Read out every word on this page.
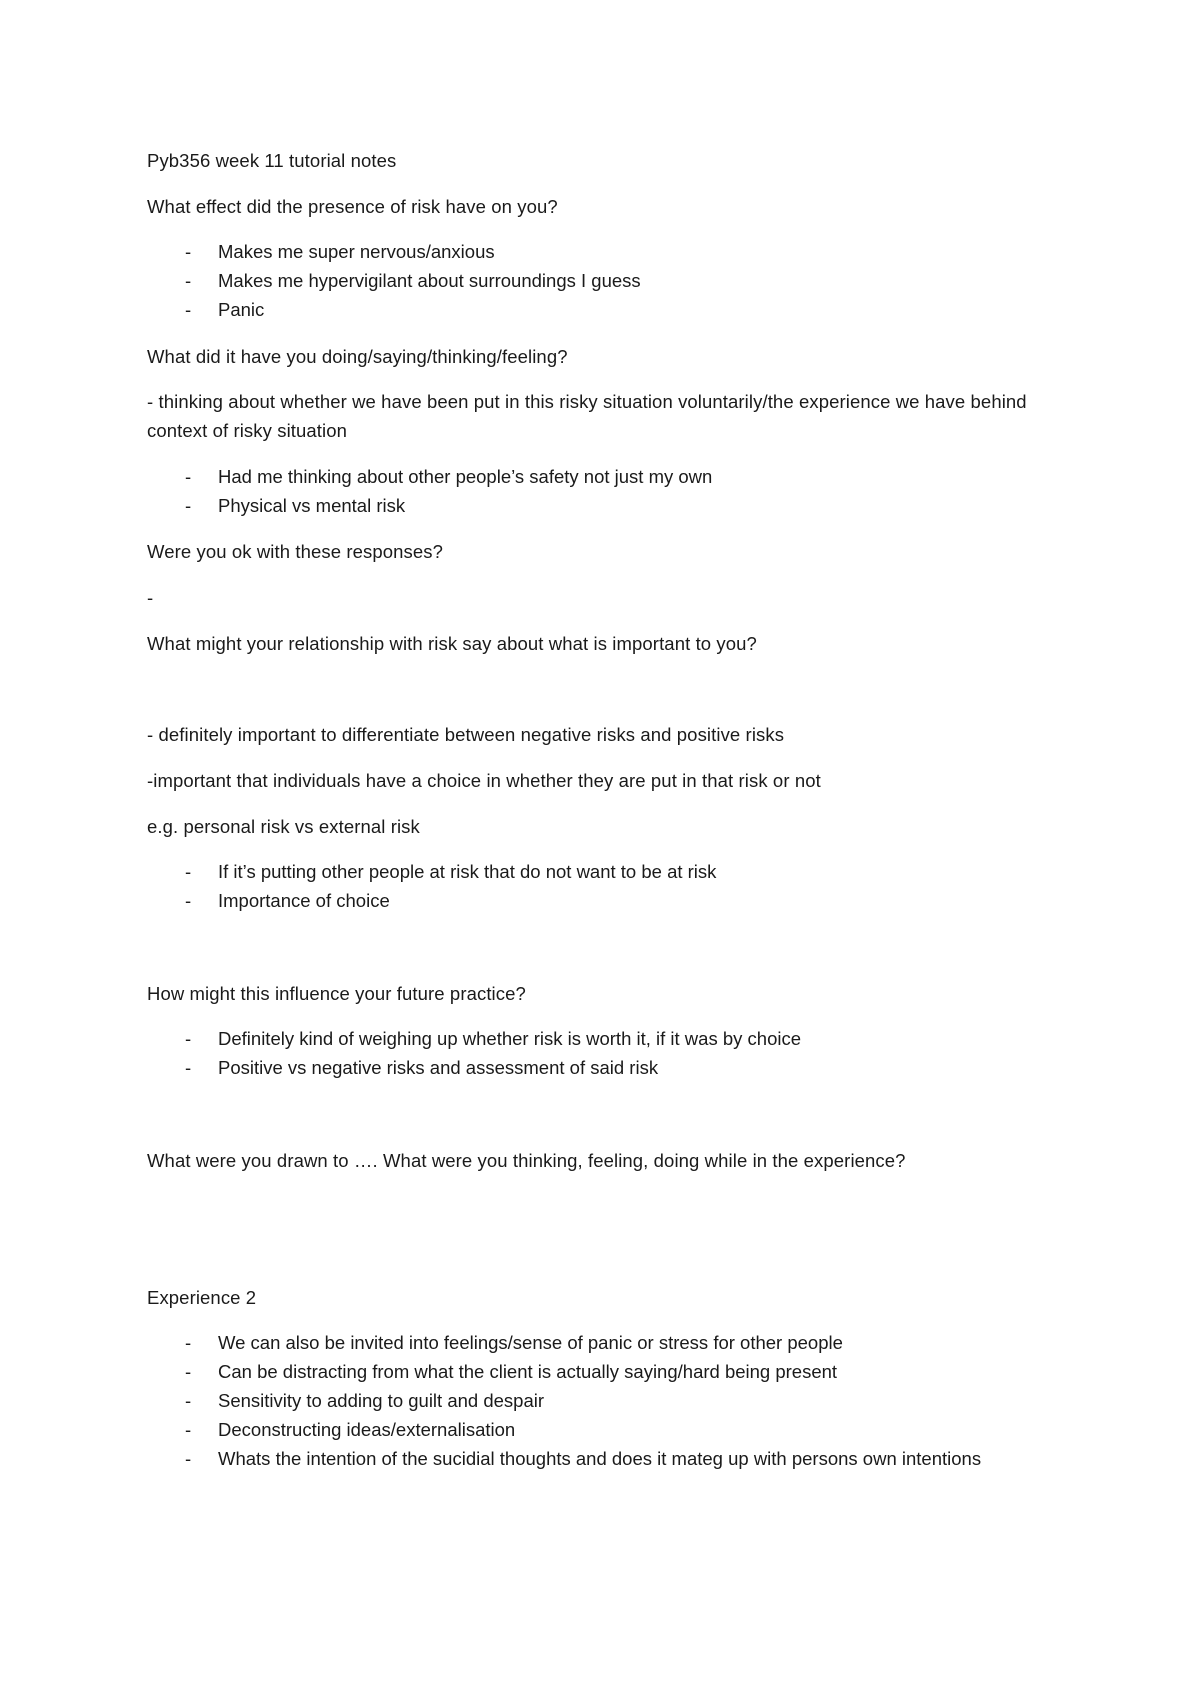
Pyb356 week 11 tutorial notes
What effect did the presence of risk have on you?
-	Makes me super nervous/anxious
-	Makes me hypervigilant about surroundings I guess
-	Panic
What did it have you doing/saying/thinking/feeling?
- thinking about whether we have been put in this risky situation voluntarily/the experience we have behind context of risky situation
-	Had me thinking about other people’s safety not just my own
-	Physical vs mental risk
Were you ok with these responses?
-
What might your relationship with risk say about what is important to you?
- definitely important to differentiate between negative risks and positive risks
-important that individuals have a choice in whether they are put in that risk or not
e.g. personal risk vs external risk
-	If it’s putting other people at risk that do not want to be at risk
-	Importance of choice
How might this influence your future practice?
-	Definitely kind of weighing up whether risk is worth it, if it was by choice
-	Positive vs negative risks and assessment of said risk
What were you drawn to …. What were you thinking, feeling, doing while in the experience?
Experience 2
-	We can also be invited into feelings/sense of panic or stress for other people
-	Can be distracting from what the client is actually saying/hard being present
-	Sensitivity to adding to guilt and despair
-	Deconstructing ideas/externalisation
-	Whats the intention of the sucidial thoughts and does it mateg up with persons own intentions
